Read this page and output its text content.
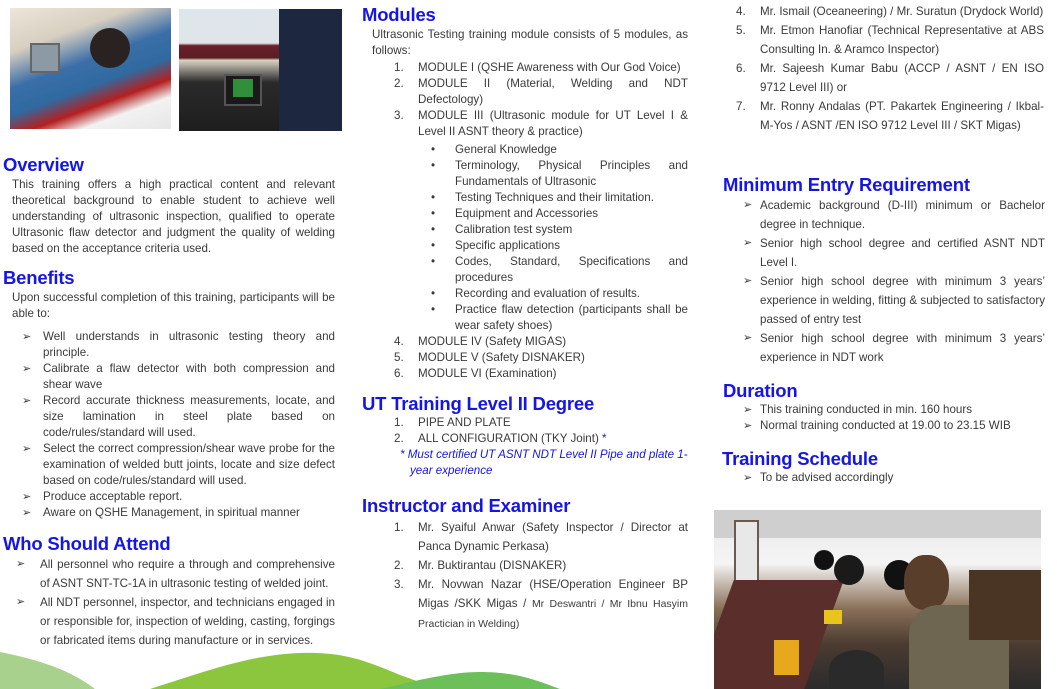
Overview

This training offers a high practical content and relevant theoretical background to enable student to achieve well understanding of ultrasonic inspection, qualified to operate Ultrasonic flaw detector and judgment the quality of welding based on the acceptance criteria used.

Benefits

Upon successful completion of this training, participants will be able to:

➢ Well understands in ultrasonic testing theory and principle.
➢ Calibrate a flaw detector with both compression and shear wave
➢ Record accurate thickness measurements, locate, and size lamination in steel plate based on code/rules/standard will used.
➢ Select the correct compression/shear wave probe for the examination of welded butt joints, locate and size defect based on code/rules/standard will used.
➢ Produce acceptable report.
➢ Aware on QSHE Management, in spiritual manner
Who Should Attend
➢ All personnel who require a through and comprehensive of ASNT SNT-TC-1A in ultrasonic testing of welded joint.
➢ All NDT personnel, inspector, and technicians engaged in or responsible for, inspection of welding, casting, forgings or fabricated items during manufacture or in services.
Modules

Ultrasonic Testing training module consists of 5 modules, as follows:

1. MODULE I (QSHE Awareness with Our God Voice)
2. MODULE II (Material, Welding and NDT Defectology)
3. MODULE III (Ultrasonic module for UT Level I & Level II ASNT theory & practice)
• General Knowledge
• Terminology, Physical Principles and Fundamentals of Ultrasonic
• Testing Techniques and their limitation.
• Equipment and Accessories
• Calibration test system
• Specific applications
• Codes, Standard, Specifications and procedures
• Recording and evaluation of results.
• Practice flaw detection (participants shall be wear safety shoes)
4. MODULE IV (Safety MIGAS)
5. MODULE V (Safety DISNAKER)
6. MODULE VI (Examination)
UT Training Level II Degree
1. PIPE AND PLATE
2. ALL CONFIGURATION (TKY Joint) *

* Must certified UT ASNT NDT Level II Pipe and plate 1-year experience

Instructor and Examiner
1. Mr. Syaiful Anwar (Safety Inspector / Director at Panca Dynamic Perkasa)
2. Mr. Buktirantau (DISNAKER)
3. Mr. Novwan Nazar (HSE/Operation Engineer BP Migas /SKK Migas / Mr Deswantri / Mr Ibnu Hasyim Practician in Welding)
4. Mr. Ismail (Oceaneering) / Mr. Suratun (Drydock World)
5. Mr. Etmon Hanofiar (Technical Representative at ABS Consulting In. & Aramco Inspector)
6. Mr. Sajeesh Kumar Babu (ACCP / ASNT / EN ISO 9712 Level III) or
7. Mr. Ronny Andalas (PT. Pakartek Engineering / Ikbal-M-Yos / ASNT /EN ISO 9712 Level III / SKT Migas)
Minimum Entry Requirement
➢ Academic background (D-III) minimum or Bachelor degree in technique.
➢ Senior high school degree and certified ASNT NDT Level I.
➢ Senior high school degree with minimum 3 years’ experience in welding, fitting & subjected to satisfactory passed of entry test
➢ Senior high school degree with minimum 3 years’ experience in NDT work
Duration
➢ This training conducted in min. 160 hours
➢ Normal training conducted at 19.00 to 23.15 WIB
Training Schedule
➢ To be advised accordingly
